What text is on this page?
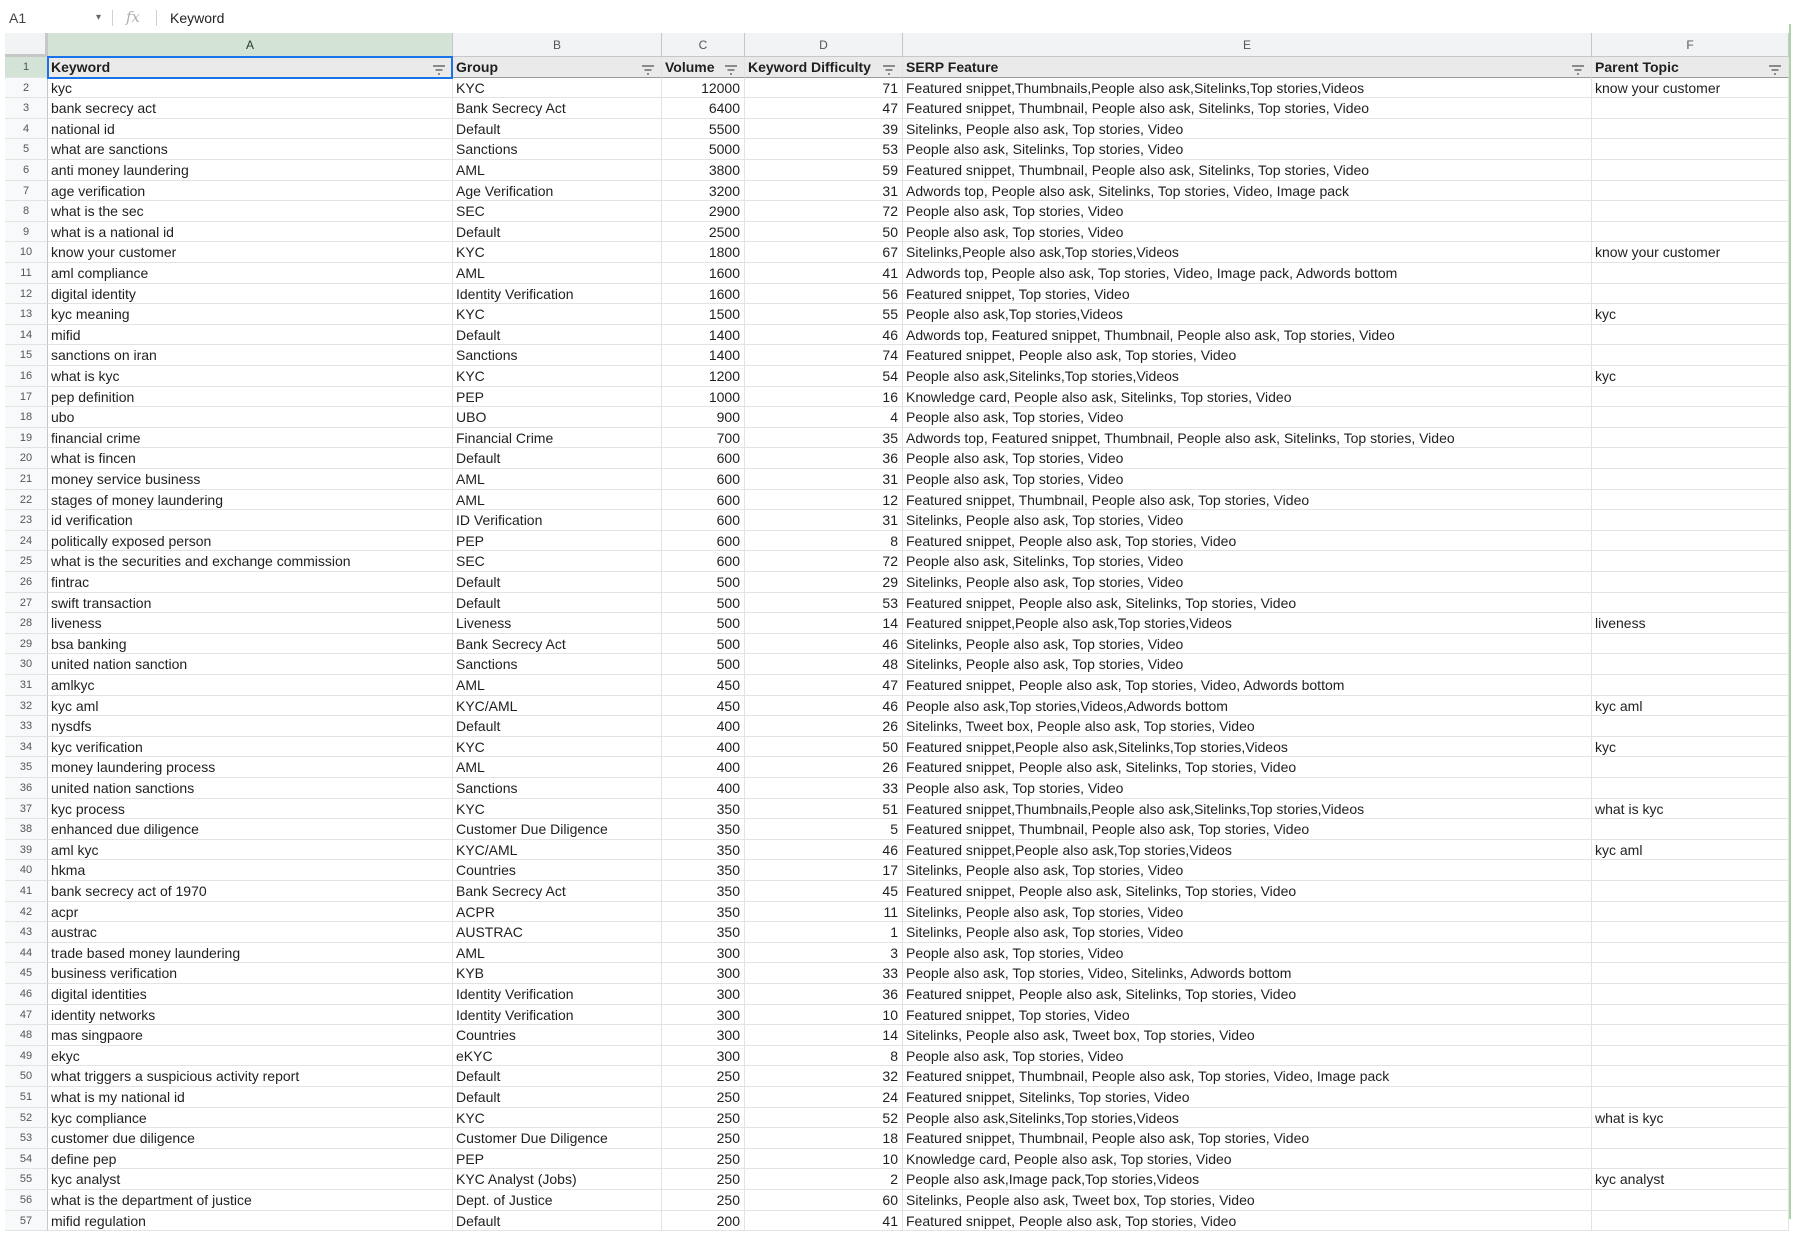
A1	▾ fx Keyword
A	B	C	D	E	F
1	Keyword	Group	Volume	Keyword Difficulty	SERP Feature	Parent Topic
2	kyc	KYC	12000	71 Featured snippet,Thumbnails,People also ask,Sitelinks,Top stories,Videos	know your customer
3	bank secrecy act	Bank Secrecy Act	6400	47 Featured snippet, Thumbnail, People also ask, Sitelinks, Top stories, Video
4	national id	Default	5500	39 Sitelinks, People also ask, Top stories, Video
5	what are sanctions	Sanctions	5000	53 People also ask, Sitelinks, Top stories, Video
6	anti money laundering	AML	3800	59 Featured snippet, Thumbnail, People also ask, Sitelinks, Top stories, Video
7	age verification	Age Verification	3200	31 Adwords top, People also ask, Sitelinks, Top stories, Video, Image pack
8	what is the sec	SEC	2900	72 People also ask, Top stories, Video
9	what is a national id	Default	2500	50 People also ask, Top stories, Video
10	know your customer	KYC	1800	67 Sitelinks,People also ask,Top stories,Videos	know your customer
11	aml compliance	AML	1600	41 Adwords top, People also ask, Top stories, Video, Image pack, Adwords bottom
12	digital identity	Identity Verification	1600	56 Featured snippet, Top stories, Video
13	kyc meaning	KYC	1500	55 People also ask,Top stories,Videos	kyc
14	mifid	Default	1400	46 Adwords top, Featured snippet, Thumbnail, People also ask, Top stories, Video
15	sanctions on iran	Sanctions	1400	74 Featured snippet, People also ask, Top stories, Video
16	what is kyc	KYC	1200	54 People also ask,Sitelinks,Top stories,Videos	kyc
17	pep definition	PEP	1000	16 Knowledge card, People also ask, Sitelinks, Top stories, Video
18	ubo	UBO	900	4 People also ask, Top stories, Video
19	financial crime	Financial Crime	700	35 Adwords top, Featured snippet, Thumbnail, People also ask, Sitelinks, Top stories, Video
20	what is fincen	Default	600	36 People also ask, Top stories, Video
21	money service business	AML	600	31 People also ask, Top stories, Video
22	stages of money laundering	AML	600	12 Featured snippet, Thumbnail, People also ask, Top stories, Video
23	id verification	ID Verification	600	31 Sitelinks, People also ask, Top stories, Video
24	politically exposed person	PEP	600	8 Featured snippet, People also ask, Top stories, Video
25	what is the securities and exchange commission	SEC	600	72 People also ask, Sitelinks, Top stories, Video
26	fintrac	Default	500	29 Sitelinks, People also ask, Top stories, Video
27	swift transaction	Default	500	53 Featured snippet, People also ask, Sitelinks, Top stories, Video
28	liveness	Liveness	500	14 Featured snippet,People also ask,Top stories,Videos	liveness
29	bsa banking	Bank Secrecy Act	500	46 Sitelinks, People also ask, Top stories, Video
30	united nation sanction	Sanctions	500	48 Sitelinks, People also ask, Top stories, Video
31	amlkyc	AML	450	47 Featured snippet, People also ask, Top stories, Video, Adwords bottom
32	kyc aml	KYC/AML	450	46 People also ask,Top stories,Videos,Adwords bottom	kyc aml
33	nysdfs	Default	400	26 Sitelinks, Tweet box, People also ask, Top stories, Video
34	kyc verification	KYC	400	50 Featured snippet,People also ask,Sitelinks,Top stories,Videos	kyc
35	money laundering process	AML	400	26 Featured snippet, People also ask, Sitelinks, Top stories, Video
36	united nation sanctions	Sanctions	400	33 People also ask, Top stories, Video
37	kyc process	KYC	350	51 Featured snippet,Thumbnails,People also ask,Sitelinks,Top stories,Videos	what is kyc
38	enhanced due diligence	Customer Due Diligence	350	5 Featured snippet, Thumbnail, People also ask, Top stories, Video
39	aml kyc	KYC/AML	350	46 Featured snippet,People also ask,Top stories,Videos	kyc aml
40	hkma	Countries	350	17 Sitelinks, People also ask, Top stories, Video
41	bank secrecy act of 1970	Bank Secrecy Act	350	45 Featured snippet, People also ask, Sitelinks, Top stories, Video
42	acpr	ACPR	350	11 Sitelinks, People also ask, Top stories, Video
43	austrac	AUSTRAC	350	1 Sitelinks, People also ask, Top stories, Video
44	trade based money laundering	AML	300	3 People also ask, Top stories, Video
45	business verification	KYB	300	33 People also ask, Top stories, Video, Sitelinks, Adwords bottom
46	digital identities	Identity Verification	300	36 Featured snippet, People also ask, Sitelinks, Top stories, Video
47	identity networks	Identity Verification	300	10 Featured snippet, Top stories, Video
48	mas singpaore	Countries	300	14 Sitelinks, People also ask, Tweet box, Top stories, Video
49	ekyc	eKYC	300	8 People also ask, Top stories, Video
50	what triggers a suspicious activity report	Default	250	32 Featured snippet, Thumbnail, People also ask, Top stories, Video, Image pack
51	what is my national id	Default	250	24 Featured snippet, Sitelinks, Top stories, Video
52	kyc compliance	KYC	250	52 People also ask,Sitelinks,Top stories,Videos	what is kyc
53	customer due diligence	Customer Due Diligence	250	18 Featured snippet, Thumbnail, People also ask, Top stories, Video
54	define pep	PEP	250	10 Knowledge card, People also ask, Top stories, Video
55	kyc analyst	KYC Analyst (Jobs)	250	2 People also ask,Image pack,Top stories,Videos	kyc analyst
56	what is the department of justice	Dept. of Justice	250	60 Sitelinks, People also ask, Tweet box, Top stories, Video
57	mifid regulation	Default	200	41 Featured snippet, People also ask, Top stories, Video
